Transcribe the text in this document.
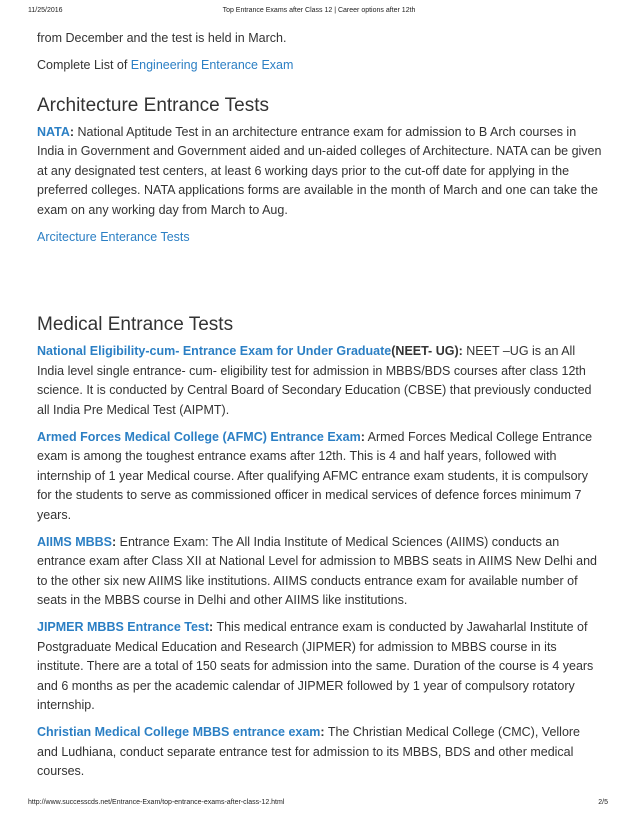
11/25/2016	Top Entrance Exams after Class 12 | Career options after 12th

from December and the test is held in March.

Complete List of Engineering Enterance Exam

Architecture Entrance Tests

NATA: National Aptitude Test in an architecture entrance exam for admission to B Arch courses in India in Government and Government aided and un-aided colleges of Architecture. NATA can be given at any designated test centers, at least 6 working days prior to the cut-off date for applying in the preferred colleges. NATA applications forms are available in the month of March and one can take the exam on any working day from March to Aug.

Arcitecture Enterance Tests

Medical Entrance Tests

National Eligibility-cum- Entrance Exam for Under Graduate(NEET- UG): NEET –UG is an All India level single entrance- cum- eligibility test for admission in MBBS/BDS courses after class 12th science. It is conducted by Central Board of Secondary Education (CBSE) that previously conducted all India Pre Medical Test (AIPMT).

Armed Forces Medical College (AFMC) Entrance Exam: Armed Forces Medical College Entrance exam is among the toughest entrance exams after 12th. This is 4 and half years, followed with internship of 1 year Medical course. After qualifying AFMC entrance exam students, it is compulsory for the students to serve as commissioned officer in medical services of defence forces minimum 7 years.

AIIMS MBBS: Entrance Exam: The All India Institute of Medical Sciences (AIIMS) conducts an entrance exam after Class XII at National Level for admission to MBBS seats in AIIMS New Delhi and to the other six new AIIMS like institutions. AIIMS conducts entrance exam for available number of seats in the MBBS course in Delhi and other AIIMS like institutions.

JIPMER MBBS Entrance Test: This medical entrance exam is conducted by Jawaharlal Institute of Postgraduate Medical Education and Research (JIPMER) for admission to MBBS course in its institute. There are a total of 150 seats for admission into the same. Duration of the course is 4 years and 6 months as per the academic calendar of JIPMER followed by 1 year of compulsory rotatory internship.

Christian Medical College MBBS entrance exam: The Christian Medical College (CMC), Vellore and Ludhiana, conduct separate entrance test for admission to its MBBS, BDS and other medical courses.

http://www.successcds.net/Entrance-Exam/top-entrance-exams-after-class-12.html	2/5
